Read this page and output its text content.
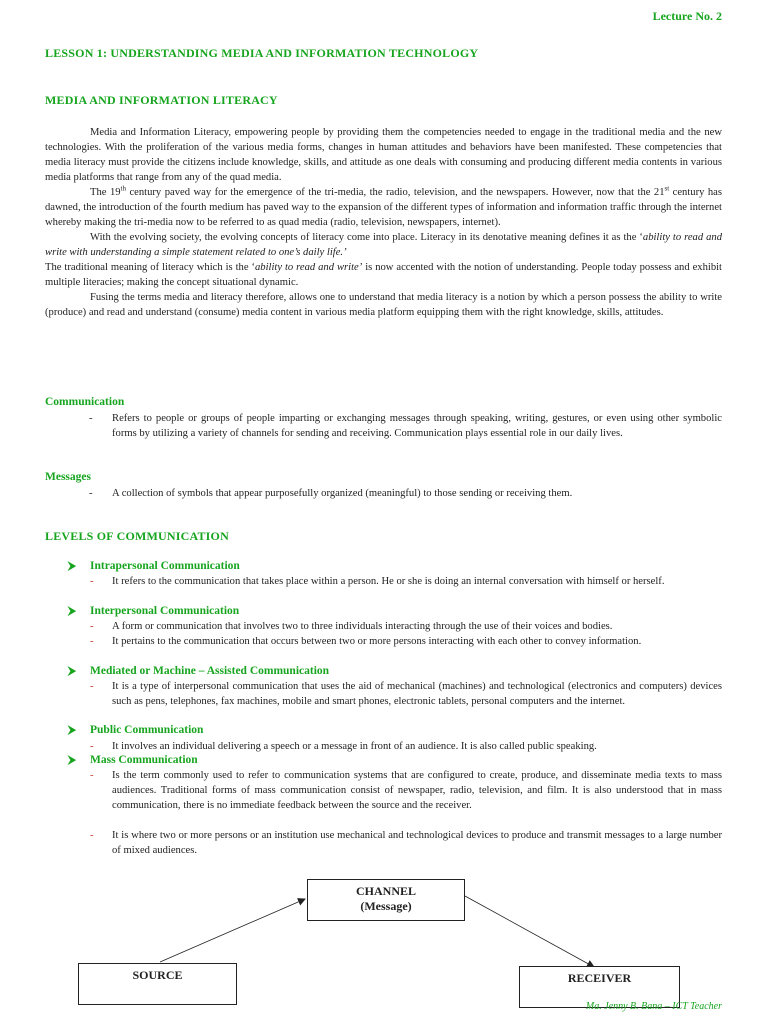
Lecture No. 2
LESSON 1: UNDERSTANDING MEDIA AND INFORMATION TECHNOLOGY
MEDIA AND INFORMATION LITERACY

Media and Information Literacy, empowering people by providing them the competencies needed to engage in the traditional media and the new technologies. With the proliferation of the various media forms, changes in human attitudes and behaviors have been manifested. These competencies that media literacy must provide the citizens include knowledge, skills, and attitude as one deals with consuming and producing different media contents in various media platforms that range from any of the quad media.

The 19th century paved way for the emergence of the tri-media, the radio, television, and the newspapers. However, now that the 21st century has dawned, the introduction of the fourth medium has paved way to the expansion of the different types of information and information traffic through the internet whereby making the tri-media now to be referred to as quad media (radio, television, newspapers, internet).

With the evolving society, the evolving concepts of literacy come into place. Literacy in its denotative meaning defines it as the ‘ability to read and write with understanding a simple statement related to one’s daily life.’

The traditional meaning of literacy which is the ‘ability to read and write’ is now accented with the notion of understanding. People today possess and exhibit multiple literacies; making the concept situational dynamic.

Fusing the terms media and literacy therefore, allows one to understand that media literacy is a notion by which a person possess the ability to write (produce) and read and understand (consume) media content in various media platform equipping them with the right knowledge, skills, attitudes.

Communication
- Refers to people or groups of people imparting or exchanging messages through speaking, writing, gestures, or even using other symbolic forms by utilizing a variety of channels for sending and receiving. Communication plays essential role in our daily lives.
Messages
- A collection of symbols that appear purposefully organized (meaningful) to those sending or receiving them.
LEVELS OF COMMUNICATION
⮞ Intrapersonal Communication
- It refers to the communication that takes place within a person. He or she is doing an internal conversation with himself or herself.
⮞ Interpersonal Communication
- A form or communication that involves two to three individuals interacting through the use of their voices and bodies.
- It pertains to the communication that occurs between two or more persons interacting with each other to convey information.
⮞ Mediated or Machine – Assisted Communication
- It is a type of interpersonal communication that uses the aid of mechanical (machines) and technological (electronics and computers) devices such as pens, telephones, fax machines, mobile and smart phones, electronic tablets, personal computers and the internet.
⮞ Public Communication
- It involves an individual delivering a speech or a message in front of an audience. It is also called public speaking.
⮞ Mass Communication
- Is the term commonly used to refer to communication systems that are configured to create, produce, and disseminate media texts to mass audiences. Traditional forms of mass communication consist of newspaper, radio, television, and film. It is also understood that in mass communication, there is no immediate feedback between the source and the receiver.
- It is where two or more persons or an institution use mechanical and technological devices to produce and transmit messages to a large number of mixed audiences.
CHANNEL
(Message)
SOURCE	RECEIVER
Ma. Jenny B. Bana – ICT Teacher
